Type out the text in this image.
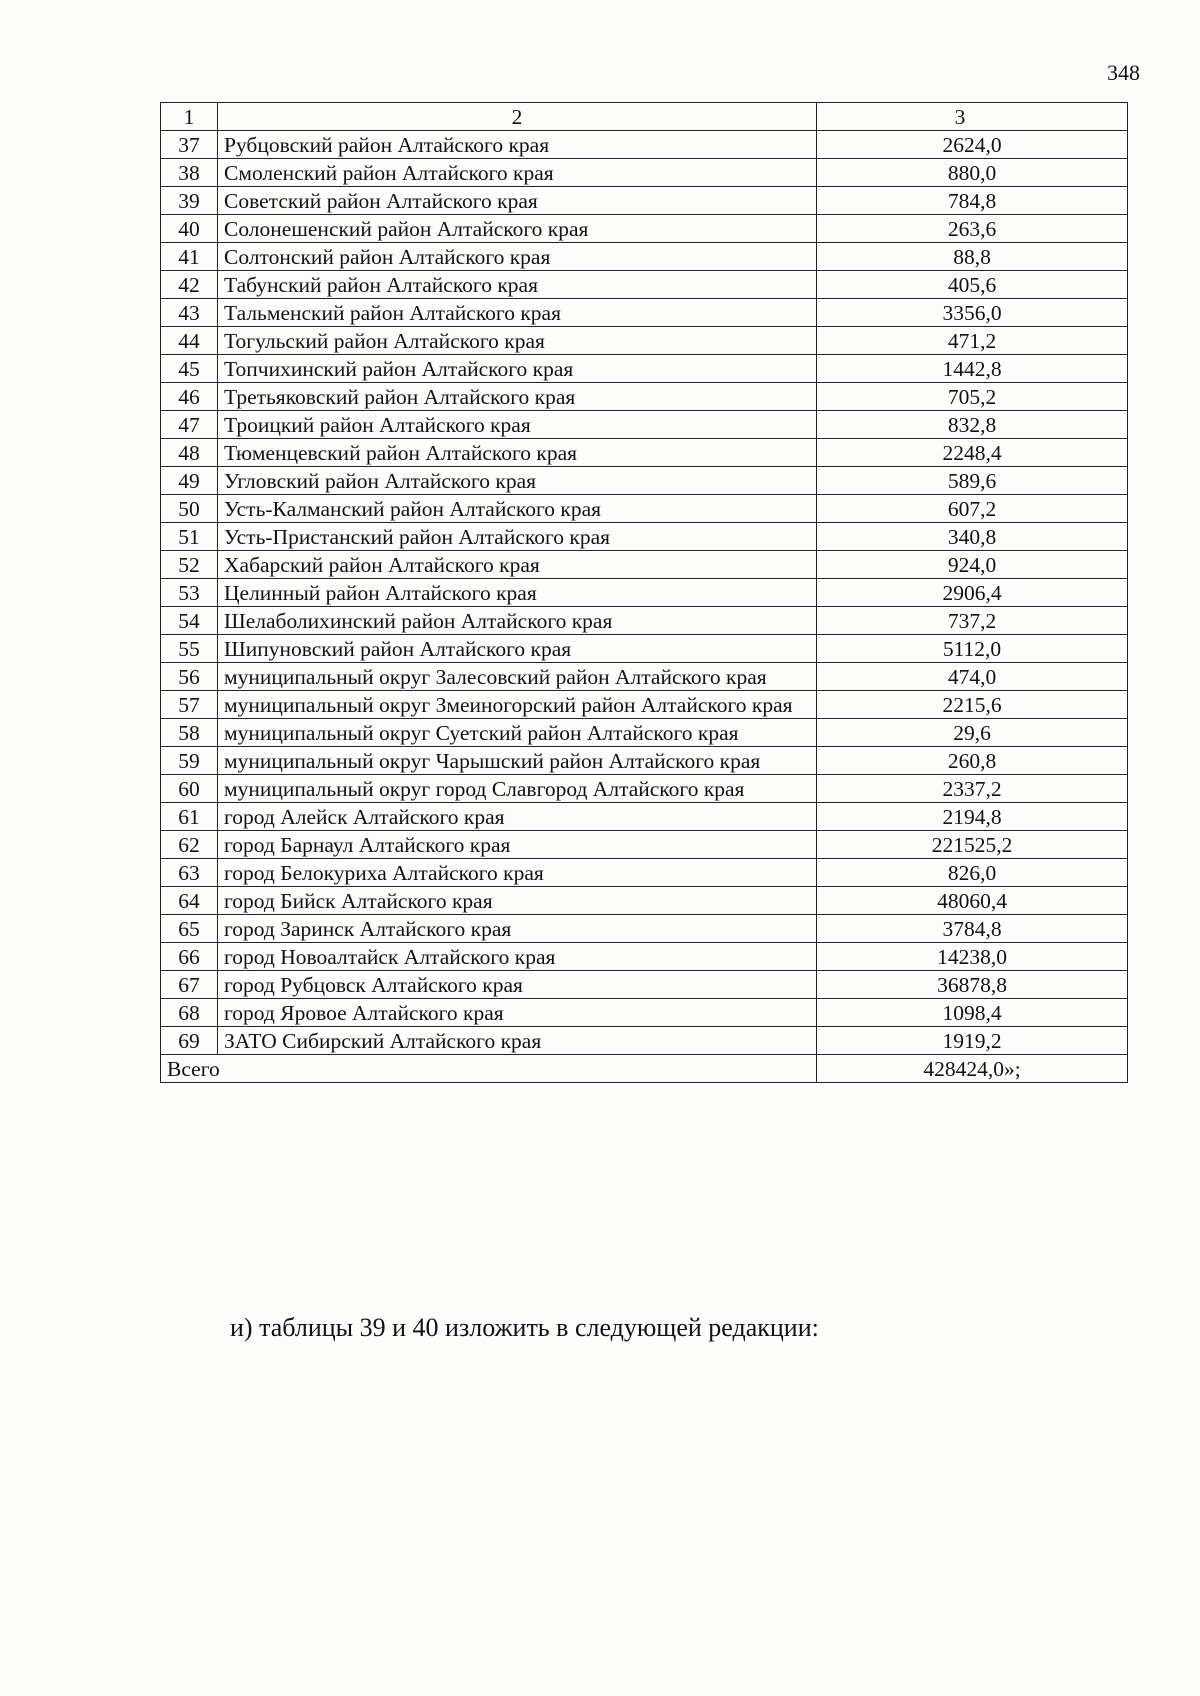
348
1	2	3
37	Рубцовский район Алтайского края	2624,0
38	Смоленский район Алтайского края	880,0
39	Советский район Алтайского края	784,8
40	Солонешенский район Алтайского края	263,6
41	Солтонский район Алтайского края	88,8
42	Табунский район Алтайского края	405,6
43	Тальменский район Алтайского края	3356,0
44	Тогульский район Алтайского края	471,2
45	Топчихинский район Алтайского края	1442,8
46	Третьяковский район Алтайского края	705,2
47	Троицкий район Алтайского края	832,8
48	Тюменцевский район Алтайского края	2248,4
49	Угловский район Алтайского края	589,6
50	Усть-Калманский район Алтайского края	607,2
51	Усть-Пристанский район Алтайского края	340,8
52	Хабарский район Алтайского края	924,0
53	Целинный район Алтайского края	2906,4
54	Шелаболихинский район Алтайского края	737,2
55	Шипуновский район Алтайского края	5112,0
56	муниципальный округ Залесовский район Алтайского края	474,0
57	муниципальный округ Змеиногорский район Алтайского края	2215,6
58	муниципальный округ Суетский район Алтайского края	29,6
59	муниципальный округ Чарышский район Алтайского края	260,8
60	муниципальный округ город Славгород Алтайского края	2337,2
61	город Алейск Алтайского края	2194,8
62	город Барнаул Алтайского края	221525,2
63	город Белокуриха Алтайского края	826,0
64	город Бийск Алтайского края	48060,4
65	город Заринск Алтайского края	3784,8
66	город Новоалтайск Алтайского края	14238,0
67	город Рубцовск Алтайского края	36878,8
68	город Яровое Алтайского края	1098,4
69	ЗАТО Сибирский Алтайского края	1919,2
Всего		428424,0»;
и) таблицы 39 и 40 изложить в следующей редакции:
